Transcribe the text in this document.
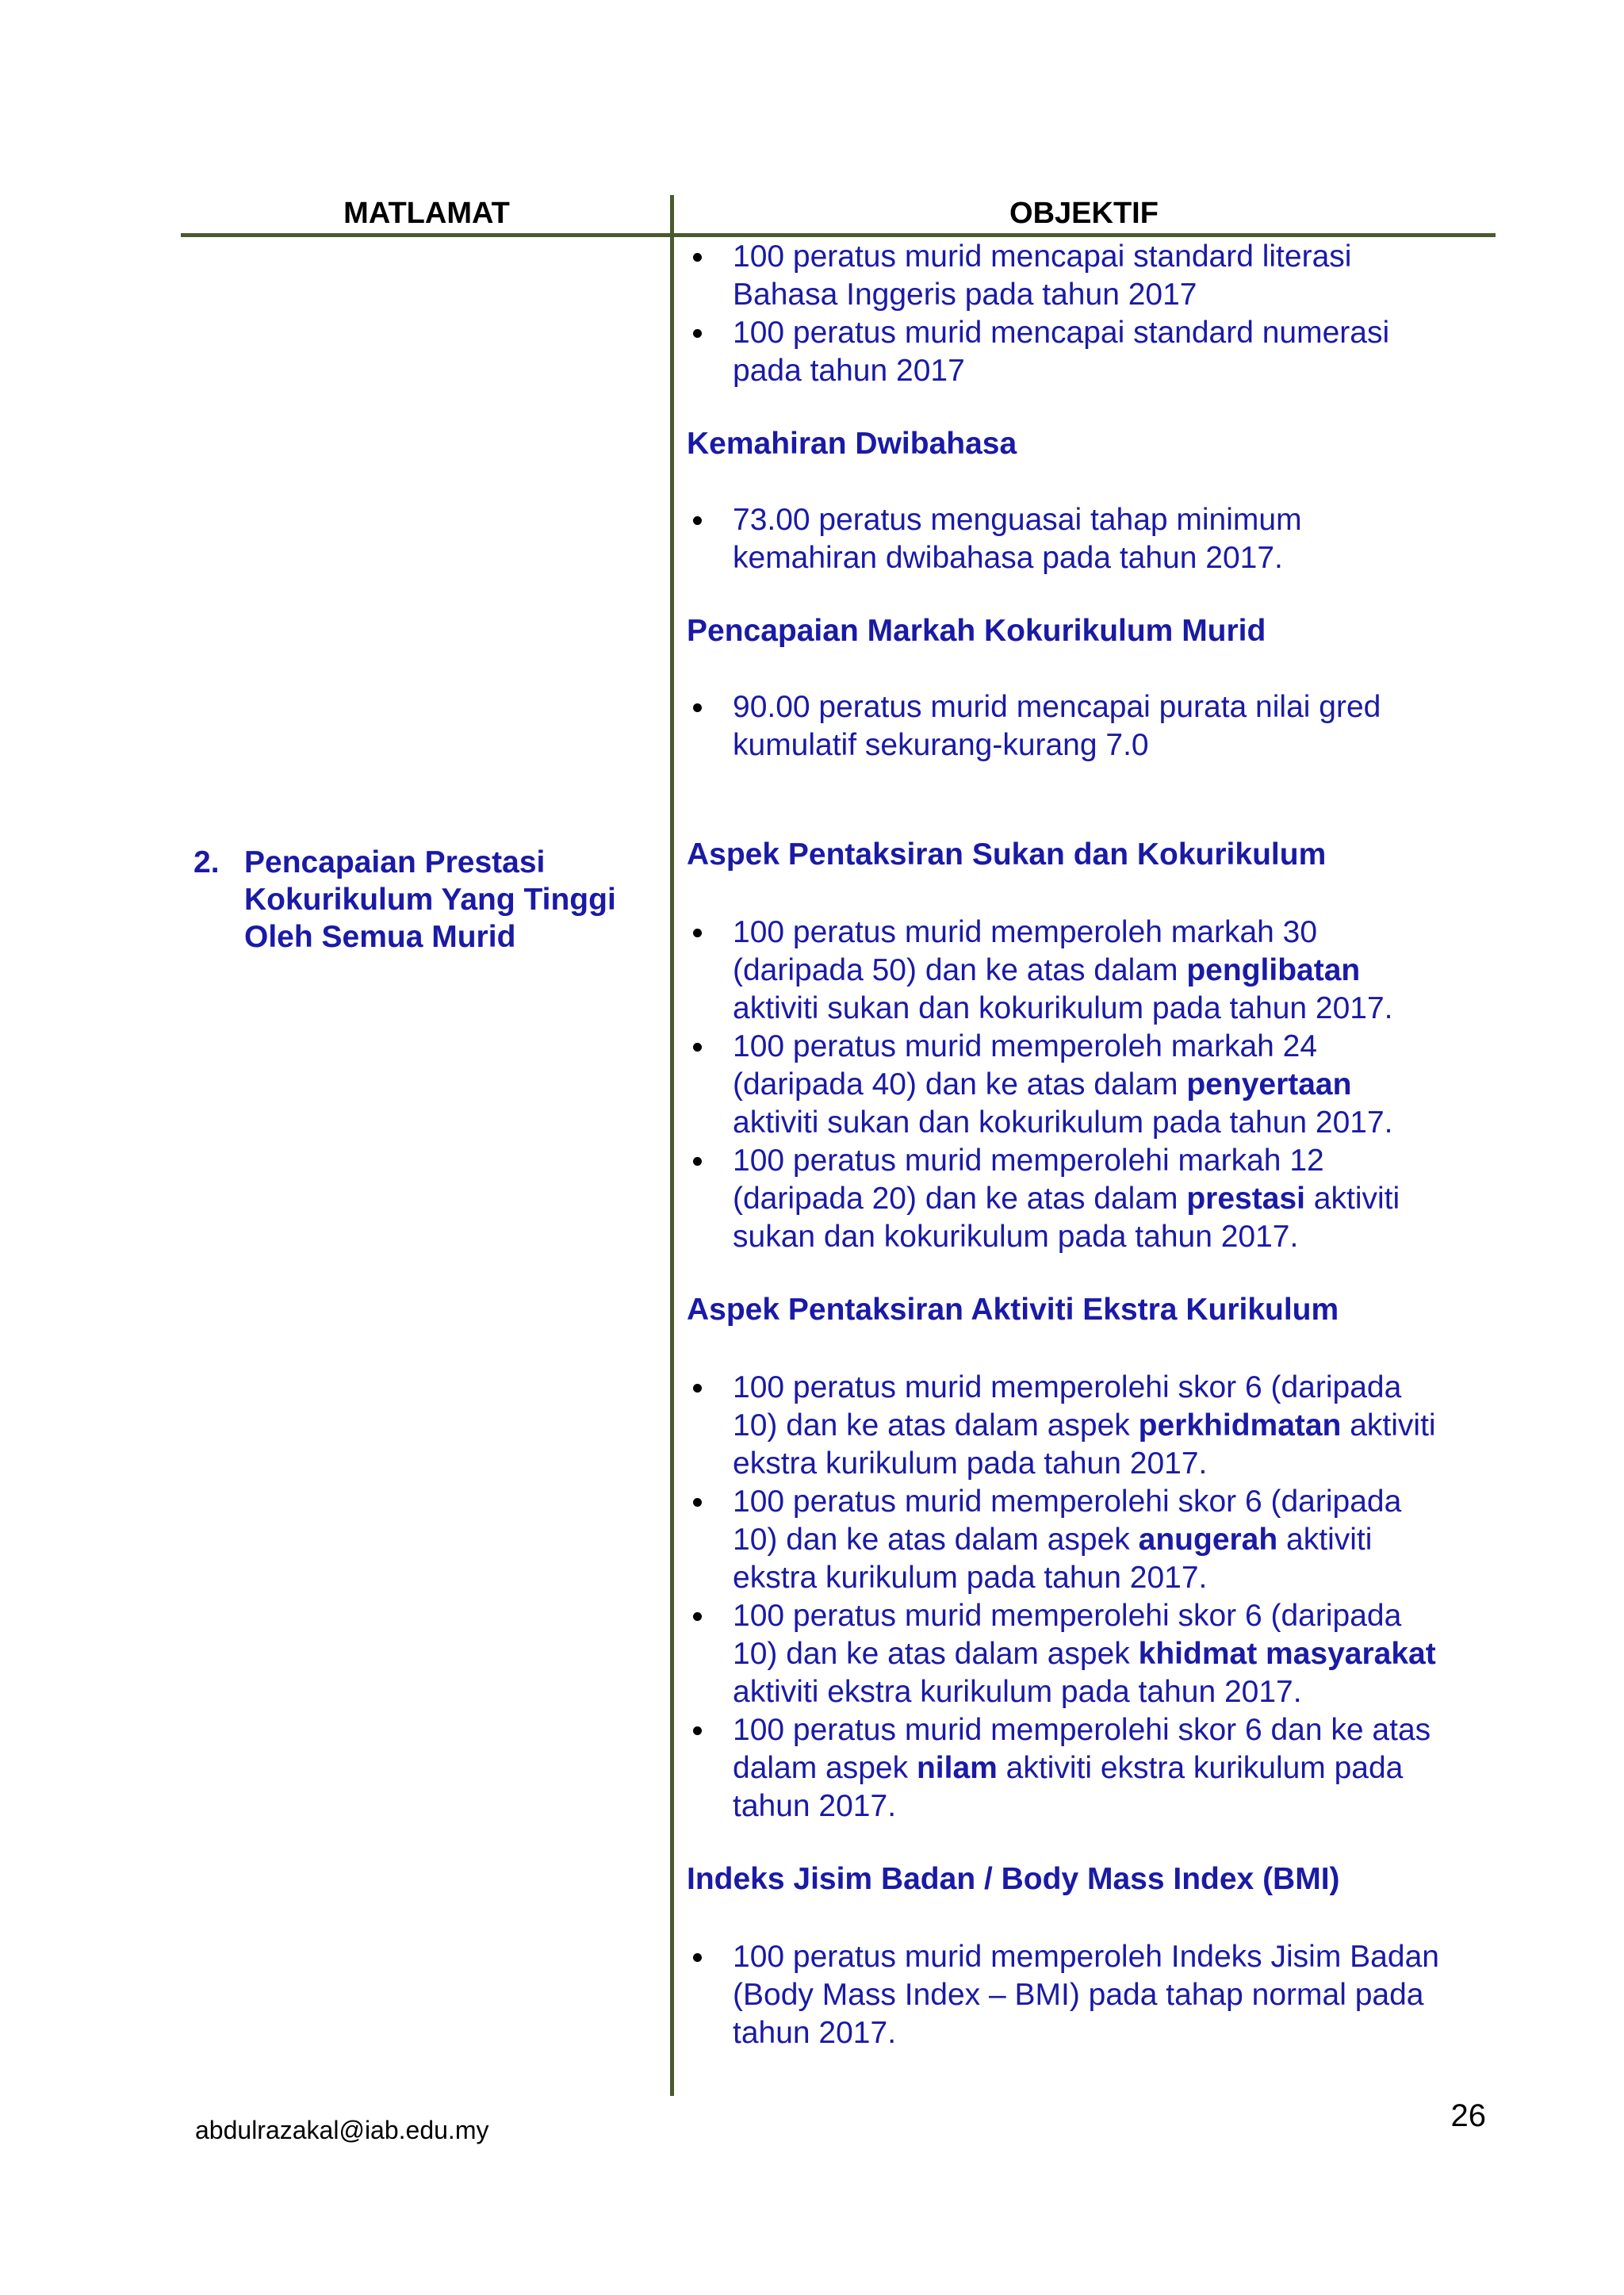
MATLAMAT	OBJEKTIF
2. Pencapaian Prestasi
Kokurikulum Yang Tinggi
Oleh Semua Murid
100 peratus murid mencapai standard literasi
Bahasa Inggeris pada tahun 2017
100 peratus murid mencapai standard numerasi
pada tahun 2017
Kemahiran Dwibahasa
73.00 peratus menguasai tahap minimum
kemahiran dwibahasa pada tahun 2017.
Pencapaian Markah Kokurikulum Murid
90.00 peratus murid mencapai purata nilai gred
kumulatif sekurang-kurang 7.0
Aspek Pentaksiran Sukan dan Kokurikulum
100 peratus murid memperoleh markah 30
(daripada 50) dan ke atas dalam penglibatan
aktiviti sukan dan kokurikulum pada tahun 2017.
100 peratus murid memperoleh markah 24
(daripada 40) dan ke atas dalam penyertaan
aktiviti sukan dan kokurikulum pada tahun 2017.
100 peratus murid memperolehi markah 12
(daripada 20) dan ke atas dalam prestasi aktiviti
sukan dan kokurikulum pada tahun 2017.
Aspek Pentaksiran Aktiviti Ekstra Kurikulum
100 peratus murid memperolehi skor 6 (daripada
10) dan ke atas dalam aspek perkhidmatan aktiviti
ekstra kurikulum pada tahun 2017.
100 peratus murid memperolehi skor 6 (daripada
10) dan ke atas dalam aspek anugerah aktiviti
ekstra kurikulum pada tahun 2017.
100 peratus murid memperolehi skor 6 (daripada
10) dan ke atas dalam aspek khidmat masyarakat
aktiviti ekstra kurikulum pada tahun 2017.
100 peratus murid memperolehi skor 6 dan ke atas
dalam aspek nilam aktiviti ekstra kurikulum pada
tahun 2017.
Indeks Jisim Badan / Body Mass Index (BMI)
100 peratus murid memperoleh Indeks Jisim Badan
(Body Mass Index – BMI) pada tahap normal pada
tahun 2017.
abdulrazakal@iab.edu.my	26
